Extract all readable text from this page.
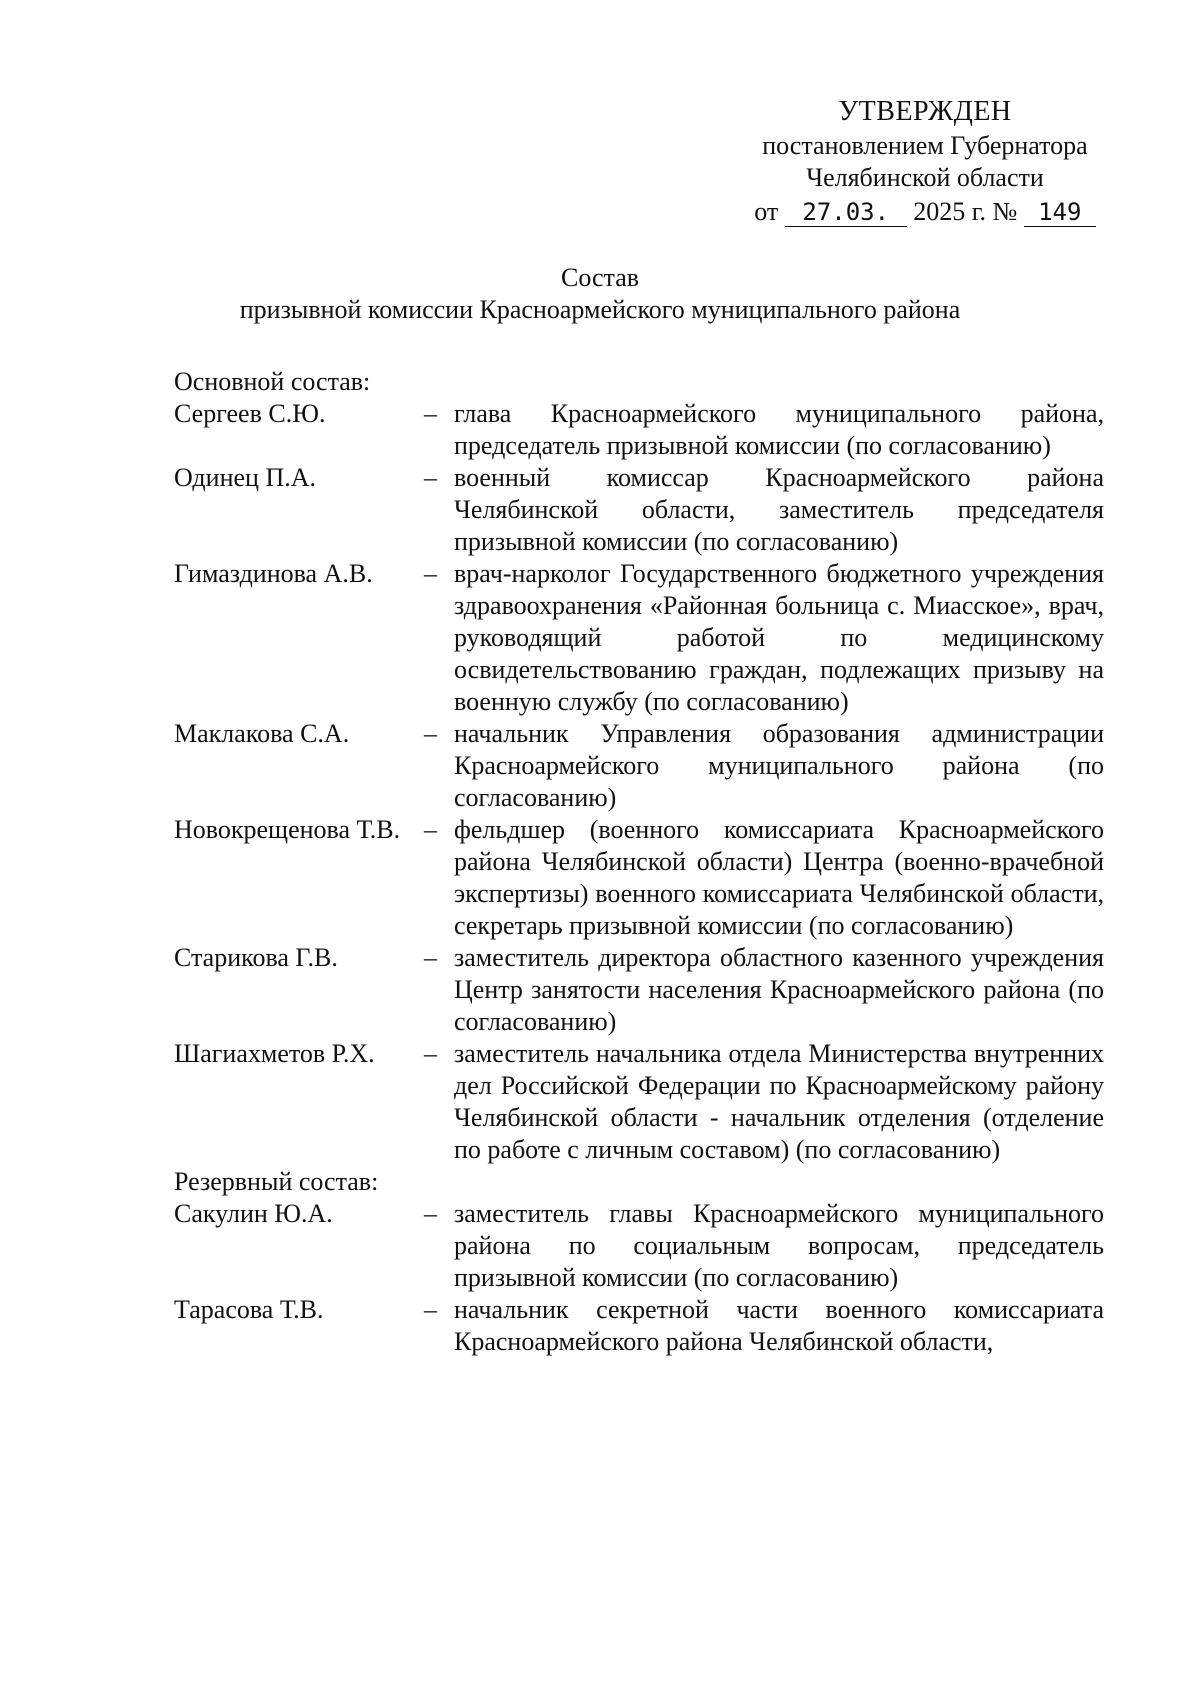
УТВЕРЖДЕН
постановлением Губернатора
Челябинской области
от 27.03. 2025 г. № 149
Состав
призывной комиссии Красноармейского муниципального района
Основной состав:
Сергеев С.Ю.	– глава Красноармейского муниципального района, председатель призывной комиссии (по согласованию)
Одинец П.А.	– военный комиссар Красноармейского района Челябинской области, заместитель председателя призывной комиссии (по согласованию)
Гимаздинова А.В.	– врач-нарколог Государственного бюджетного учреждения здравоохранения «Районная больница с. Миасское», врач, руководящий работой по медицинскому освидетельствованию граждан, подлежащих призыву на военную службу (по согласованию)
Маклакова С.А.	– начальник Управления образования администрации Красноармейского муниципального района (по согласованию)
Новокрещенова Т.В. – фельдшер (военного комиссариата Красноармейского района Челябинской области) Центра (военно-врачебной экспертизы) военного комиссариата Челябинской области, секретарь призывной комиссии (по согласованию)
Старикова Г.В.	– заместитель директора областного казенного учреждения Центр занятости населения Красноармейского района (по согласованию)
Шагиахметов Р.Х.	– заместитель начальника отдела Министерства внутренних дел Российской Федерации по Красноармейскому району Челябинской области - начальник отделения (отделение по работе с личным составом) (по согласованию)
Резервный состав:
Сакулин Ю.А.	– заместитель главы Красноармейского муниципального района по социальным вопросам, председатель призывной комиссии (по согласованию)
Тарасова Т.В.	– начальник секретной части военного комиссариата Красноармейского района Челябинской области,
